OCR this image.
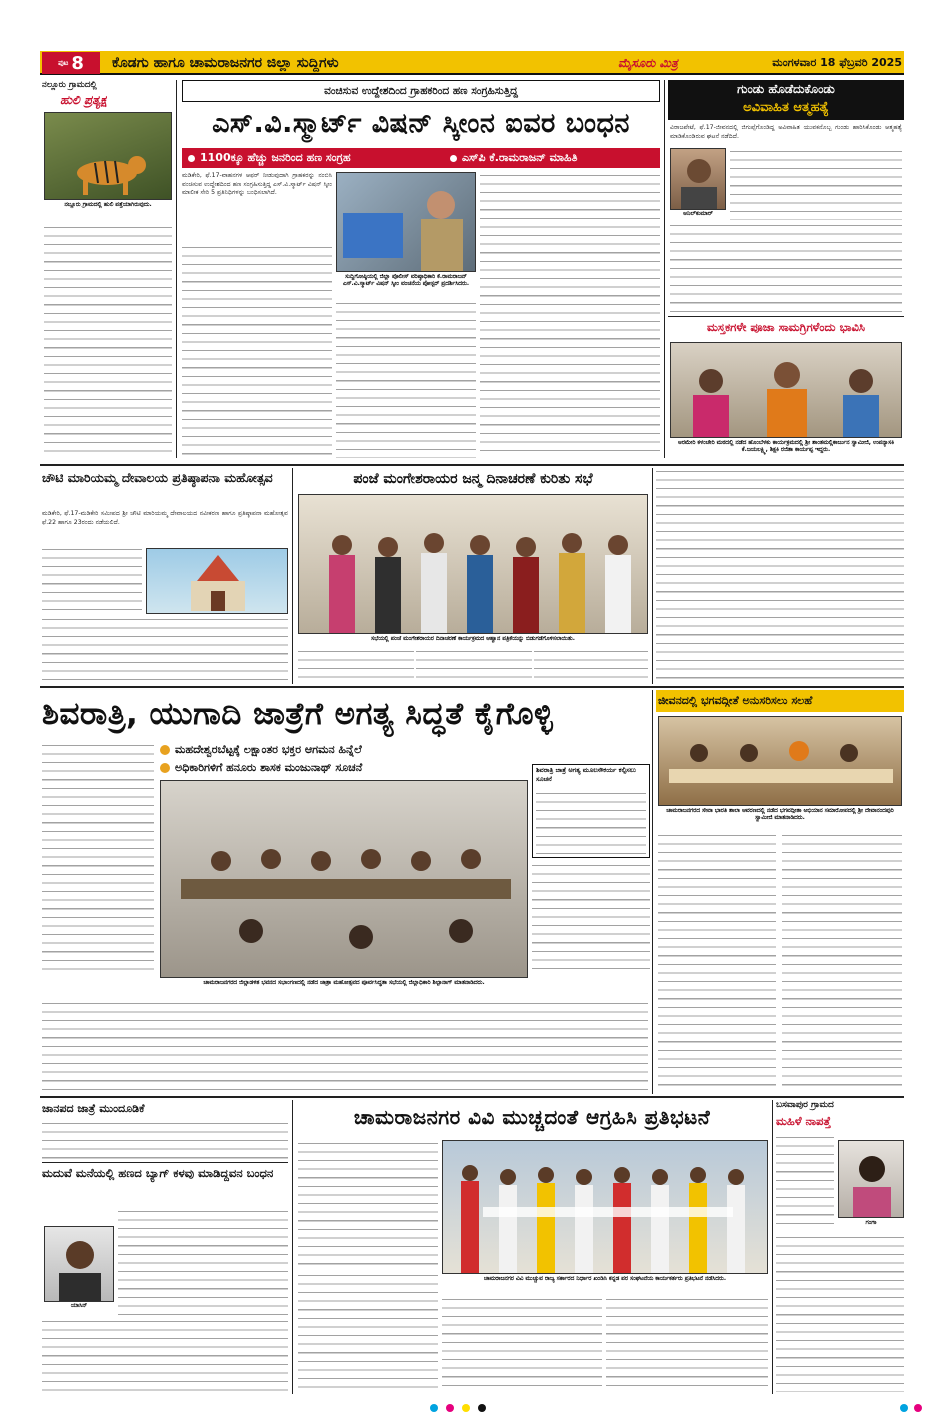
ಪುಟ 8 ಕೊಡಗು ಹಾಗೂ ಚಾಮರಾಜನಗರ ಜಿಲ್ಲಾ ಸುದ್ದಿಗಳು	ಮೈಸೂರು ಮಿತ್ರ	ಮಂಗಳವಾರ 18 ಫೆಬ್ರವರಿ 2025
ನಲ್ಲೂರು ಗ್ರಾಮದಲ್ಲಿ
ಹುಲಿ ಪ್ರತ್ಯಕ್ಷ
ನಲ್ಲೂರು ಗ್ರಾಮದಲ್ಲಿ ಹುಲಿ ಪತ್ತೆಯಾಗಿರುವುದು.
ವಂಚಿಸುವ ಉದ್ದೇಶದಿಂದ ಗ್ರಾಹಕರಿಂದ ಹಣ ಸಂಗ್ರಹಿಸುತ್ತಿದ್ದ
ಎಸ್.ವಿ.ಸ್ಮಾರ್ಟ್ ವಿಷನ್ ಸ್ಕೀಂನ ಐವರ ಬಂಧನ
1100ಕ್ಕೂ ಹೆಚ್ಚು ಜನರಿಂದ ಹಣ ಸಂಗ್ರಹ	ಎಸ್‌ಪಿ ಕೆ.ರಾಮರಾಜನ್ ಮಾಹಿತಿ
ಮಡಿಕೇರಿ, ಫೆ.17-ವಾಹನಗಳ ಆಫರ್ ನೀಡುವುದಾಗಿ ಗ್ರಾಹಕರನ್ನು ನಂಬಿಸಿ ವಂಚಿಸುವ ಉದ್ದೇಶದಿಂದ ಹಣ ಸಂಗ್ರಹಿಸುತ್ತಿದ್ದ ಎಸ್.ವಿ.ಸ್ಮಾರ್ಟ್ ವಿಷನ್ ಸ್ಕೀಂ ಮಾಲೀಕ ಸೇರಿ 5 ಪ್ರತಿನಿಧಿಗಳನ್ನು ಬಂಧಿಸಲಾಗಿದೆ.
ಸುದ್ದಿಗೋಷ್ಠಿಯಲ್ಲಿ ಜಿಲ್ಲಾ ಪೊಲೀಸ್ ವರಿಷ್ಠಾಧಿಕಾರಿ ಕೆ.ರಾಮರಾಜನ್ ಎಸ್.ವಿ.ಸ್ಮಾರ್ಟ್ ವಿಷನ್ ಸ್ಕೀಂ ವಂಚನೆಯ ಪೋಸ್ಟರ್ ಪ್ರದರ್ಶಿಸಿದರು.
ಗುಂಡು ಹೊಡೆದುಕೊಂಡು
ಅವಿವಾಹಿತ ಆತ್ಮಹತ್ಯೆ
ವಿರಾಜಪೇಟೆ, ಫೆ.17-ಜೀವನದಲ್ಲಿ ಜಿಗುಪ್ಸೆಗೊಂಡಿದ್ದ ಅವಿವಾಹಿತ ಯುವಕನೊಬ್ಬ ಗುಂಡು ಹಾರಿಸಿಕೊಂಡು ಆತ್ಮಹತ್ಯೆ ಮಾಡಿಕೊಂಡಿರುವ ಘಟನೆ ನಡೆದಿದೆ.
ಅನಿಲ್‌ಕುಮಾರ್
ಮಸ್ತಕಗಳೇ ಪೂಜಾ ಸಾಮಗ್ರಿಗಳೆಂದು ಭಾವಿಸಿ
ಅರಮೇರಿ ಕಳಂಚೇರಿ ಮಠದಲ್ಲಿ ನಡೆದ ಹೊಂಬೆಳಕು ಕಾರ್ಯಕ್ರಮದಲ್ಲಿ ಶ್ರೀ ಶಾಂತಮಲ್ಲಿಕಾರ್ಜುನ ಸ್ವಾಮೀಜಿ, ಉಪನ್ಯಾಸಕಿ ಕೆ.ಜಯಲಕ್ಷ್ಮಿ, ಶಿಕ್ಷಕಿ ರಜಿತಾ ಕಾರ್ಯಪ್ಪ ಇದ್ದರು.
ಚೌಟಿ ಮಾರಿಯಮ್ಮ ದೇವಾಲಯ ಪ್ರತಿಷ್ಠಾಪನಾ ಮಹೋತ್ಸವ
ಮಡಿಕೇರಿ, ಫೆ.17-ಮಡಿಕೇರಿ ಸಮೀಪದ ಶ್ರೀ ಚೌಟಿ ಮಾರಿಯಮ್ಮ ದೇವಾಲಯದ ನವೀಕರಣ ಹಾಗೂ ಪ್ರತಿಷ್ಠಾಪನಾ ಮಹೋತ್ಸವ ಫೆ.22 ಹಾಗೂ 23ರಂದು ನಡೆಯಲಿದೆ.
ಪಂಜೆ ಮಂಗೇಶರಾಯರ ಜನ್ಮ ದಿನಾಚರಣೆ ಕುರಿತು ಸಭೆ
ಸಭೆಯಲ್ಲಿ ಪಂಜೆ ಮಂಗೇಶರಾಯರ ದಿನಾಚರಣೆ ಕಾರ್ಯಕ್ರಮದ ಆಹ್ವಾನ ಪತ್ರಿಕೆಯನ್ನು ಬಿಡುಗಡೆಗೊಳಿಸಲಾಯಿತು.
ಶಿವರಾತ್ರಿ, ಯುಗಾದಿ ಜಾತ್ರೆಗೆ ಅಗತ್ಯ ಸಿದ್ಧತೆ ಕೈಗೊಳ್ಳಿ
ಮಹದೇಶ್ವರಬೆಟ್ಟಕ್ಕೆ ಲಕ್ಷಾಂತರ ಭಕ್ತರ ಆಗಮನ ಹಿನ್ನೆಲೆ
ಅಧಿಕಾರಿಗಳಿಗೆ ಹನೂರು ಶಾಸಕ ಮಂಜುನಾಥ್ ಸೂಚನೆ	ಶಿವರಾತ್ರಿ ಜಾತ್ರೆ ಅಗತ್ಯ ಮೂಲಸೌಕರ್ಯ ಕಲ್ಪಿಸಲು ಸೂಚನೆ
ಚಾಮರಾಜನಗರದ ಜಿಲ್ಲಾಡಳಿತ ಭವನದ ಸಭಾಂಗಣದಲ್ಲಿ ನಡೆದ ಜಾತ್ರಾ ಮಹೋತ್ಸವದ ಪೂರ್ವಸಿದ್ಧತಾ ಸಭೆಯಲ್ಲಿ ಜಿಲ್ಲಾಧಿಕಾರಿ ಶಿಲ್ಪಾನಾಗ್ ಮಾತನಾಡಿದರು.
ಜೀವನದಲ್ಲಿ ಭಗವದ್ಗೀತೆ ಅನುಸರಿಸಲು ಸಲಹೆ
ಚಾಮರಾಜನಗರದ ಸೇವಾ ಭಾರತಿ ಶಾಲಾ ಆವರಣದಲ್ಲಿ ನಡೆದ ಭಗವದ್ಗೀತಾ ಅಭಿಯಾನ ಸಮಾರೋಪದಲ್ಲಿ ಶ್ರೀ ದೇವಾನಂದಪುರಿ ಸ್ವಾಮೀಜಿ ಮಾತನಾಡಿದರು.
ಜಾನಪದ ಜಾತ್ರೆ ಮುಂದೂಡಿಕೆ
ಮದುವೆ ಮನೆಯಲ್ಲಿ ಹಣದ ಬ್ಯಾಗ್ ಕಳವು ಮಾಡಿದ್ದವನ ಬಂಧನ
ಯಾಸಿನ್
ಚಾಮರಾಜನಗರ ವಿವಿ ಮುಚ್ಚದಂತೆ ಆಗ್ರಹಿಸಿ ಪ್ರತಿಭಟನೆ
ಚಾಮರಾಜನಗರ ವಿವಿ ಮುಚ್ಚುವ ರಾಜ್ಯ ಸರ್ಕಾರದ ನಿರ್ಧಾರ ಖಂಡಿಸಿ ಕನ್ನಡ ಪರ ಸಂಘಟನೆಯ ಕಾರ್ಯಕರ್ತರು ಪ್ರತಿಭಟನೆ ನಡೆಸಿದರು.
ಬಸವಾಪುರ ಗ್ರಾಮದ
ಮಹಿಳೆ ನಾಪತ್ತೆ
ಗಂಗಾ
